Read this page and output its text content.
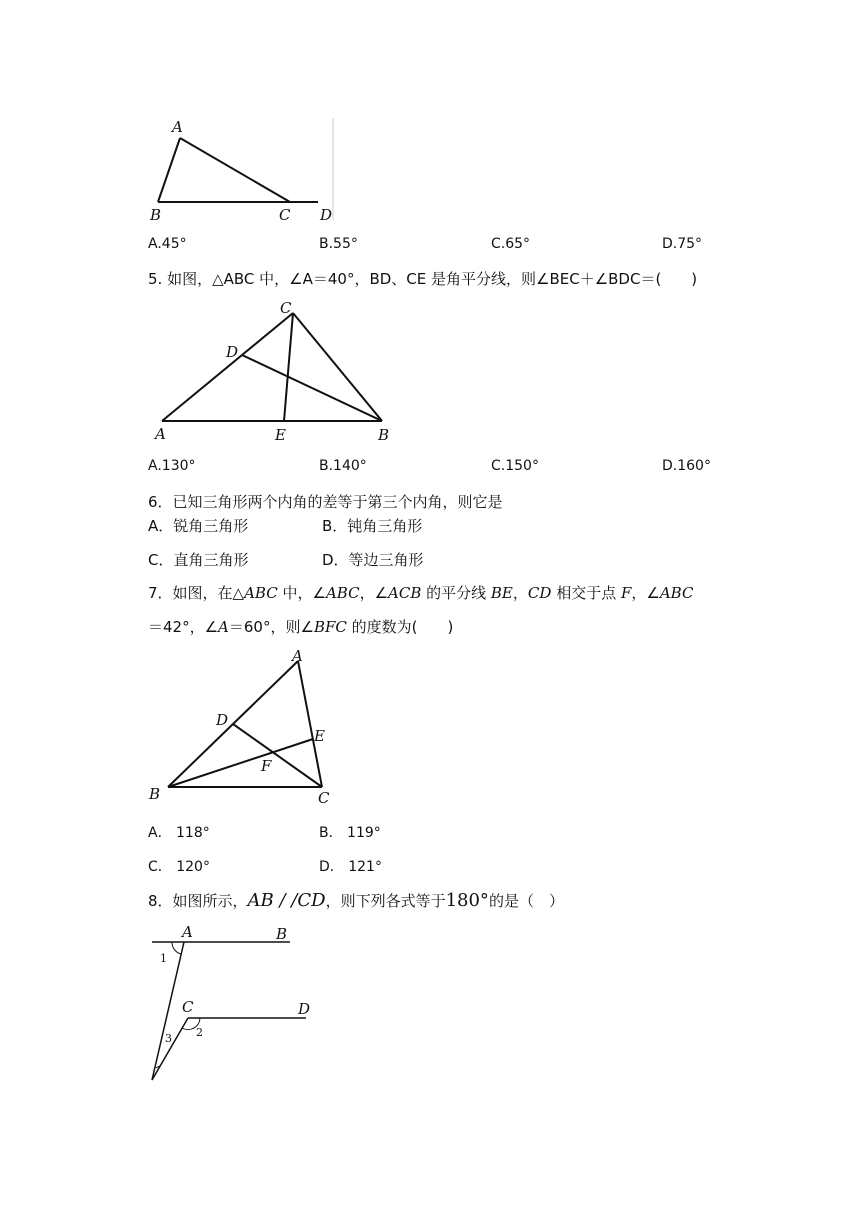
A
B	C D
A.45°	B.55°	C.65°	D.75°
5. 如图，△ABC 中，∠A＝40°，BD、CE 是角平分线，则∠BEC＋∠BDC＝(　　)
C
D
A	E	B
A.130°	B.140°	C.150°	D.160°
6．已知三角形两个内角的差等于第三个内角，则它是
A．锐角三角形	B．钝角三角形
C．直角三角形	D．等边三角形
7．如图，在△ABC 中，∠ABC，∠ACB 的平分线 BE，CD 相交于点 F，∠ABC
＝42°，∠A＝60°，则∠BFC 的度数为(　　)
A
D
E
F
B	C
A． 118°	B． 119°
C． 120°	D． 121°
8．如图所示，AB / /CD，则下列各式等于180°的是（　）
A	B
C	D
1
2
3
